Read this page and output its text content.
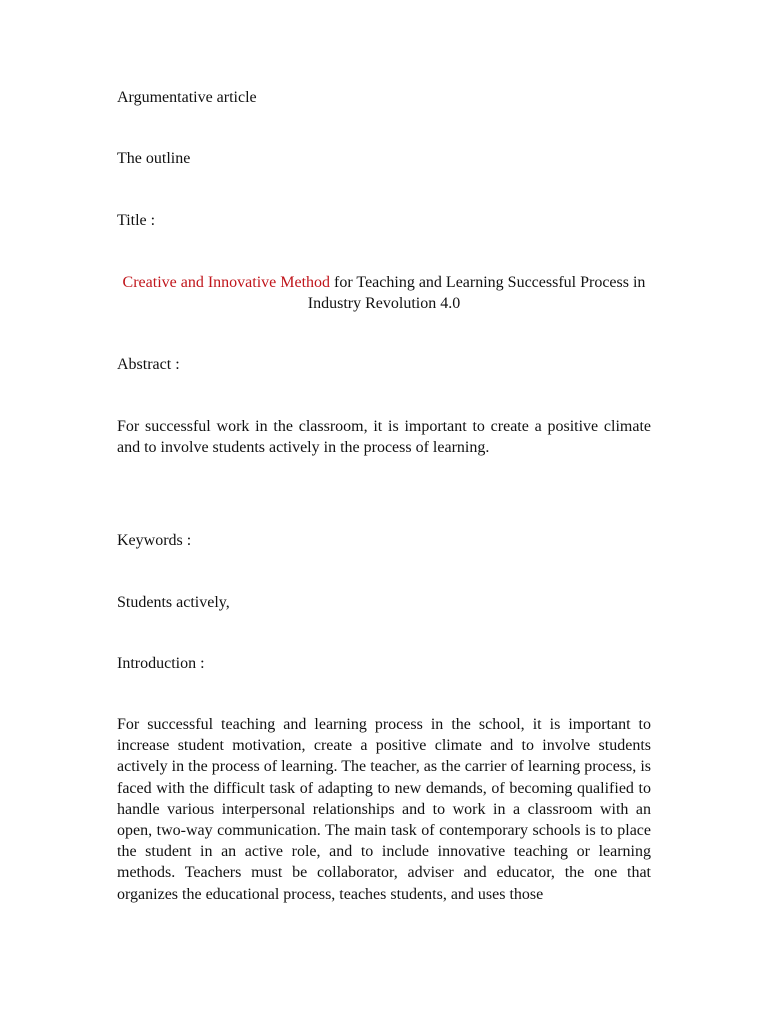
Argumentative article
The outline
Title :
Creative and Innovative Method for Teaching and Learning Successful Process in Industry Revolution 4.0
Abstract :
For successful work in the classroom, it is important to create a positive climate and to involve students actively in the process of learning.
Keywords :
Students actively,
Introduction :
For successful teaching and learning process in the school, it is important to increase student motivation, create a positive climate and to involve students actively in the process of learning. The teacher, as the carrier of learning process, is faced with the difficult task of adapting to new demands, of becoming qualified to handle various interpersonal relationships and to work in a classroom with an open, two-way communication. The main task of contemporary schools is to place the student in an active role, and to include innovative teaching or learning methods. Teachers must be collaborator, adviser and educator, the one that organizes the educational process, teaches students, and uses those
